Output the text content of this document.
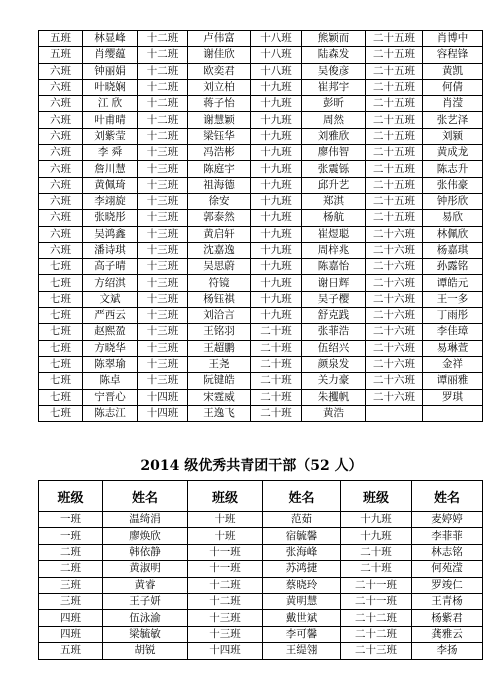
五班	林显峰	十二班	卢伟富	十八班	熊颖而	二十五班	肖博中
五班	肖缨蕴	十二班	谢佳欣	十八班	陆森发	二十五班	容程锋
六班	钟丽娟	十二班	欧奕君	十八班	吴俊彦	二十五班	黄凯
六班	叶晓娴	十二班	刘立柏	十九班	崔邦宇	二十五班	何倩
六班	江 欣	十二班	蒋子怡	十九班	彭昕	二十五班	肖滢
六班	叶甫晴	十二班	谢慧颖	十九班	周然	二十五班	张艺泽
六班	刘紫莹	十二班	梁钰华	十九班	刘雅欣	二十五班	刘颍
六班	李 舜	十三班	冯浩彬	十九班	廖伟智	二十五班	黄成龙
六班	詹川慧	十三班	陈庭宇	十九班	张震铄	二十五班	陈志升
六班	黄佩琦	十三班	祖海德	十九班	邱升艺	二十五班	张伟豪
六班	李翊旋	十三班	徐安	十九班	郑淇	二十五班	钟彤欣
六班	张晓彤	十三班	郭泰然	十九班	杨航	二十五班	易欣
六班	吴鸿鑫	十三班	黄启轩	十九班	崔煜聪	二十六班	林佩欣
六班	潘诗琪	十三班	沈嘉逸	十九班	周梓兆	二十六班	杨嘉琪
七班	高子晴	十三班	吴思蔚	十九班	陈嘉怡	二十六班	孙露铭
七班	方绍淇	十三班	符镜	十九班	谢日辉	二十六班	谭皓元
七班	文斌	十三班	杨钰祺	十九班	吴子樱	二十六班	王一多
七班	严西云	十三班	刘洽言	十九班	舒克践	二十六班	丁雨彤
七班	赵熙盈	十三班	王铭羽	二十班	张菲浩	二十六班	李佳璋
七班	方晓华	十三班	王超鹏	二十班	伍绍兴	二十六班	易琳萱
七班	陈翠瑜	十三班	王尧	二十班	颜泉发	二十六班	金祥
七班	陈卓	十三班	阮键皓	二十班	关力豪	二十六班	谭丽雅
七班	宁晋心	十四班	宋霆威	二十班	朱攫帆	二十六班	罗琪
七班	陈志江	十四班	王逸飞	二十班	黄浩		
2014 级优秀共青团干部（52 人）
班级	姓名	班级	姓名	班级	姓名
一班	温绮涓	十班	范茹	十九班	麦婷婷
一班	廖焕欣	十班	宿毓馨	十九班	李菲菲
二班	韩依静	十一班	张海峰	二十班	林志铭
二班	黄淑明	十一班	苏鸿捷	二十班	何苑滢
三班	黄睿	十二班	蔡晓玲	二十一班	罗竣仁
三班	王子妍	十二班	黄明慧	二十一班	王青杨
四班	伍泳渝	十三班	戴世斌	二十二班	杨紫君
四班	梁毓敏	十三班	李可馨	二十二班	龚雅云
五班	胡锐	十四班	王缇翎	二十三班	李扬
